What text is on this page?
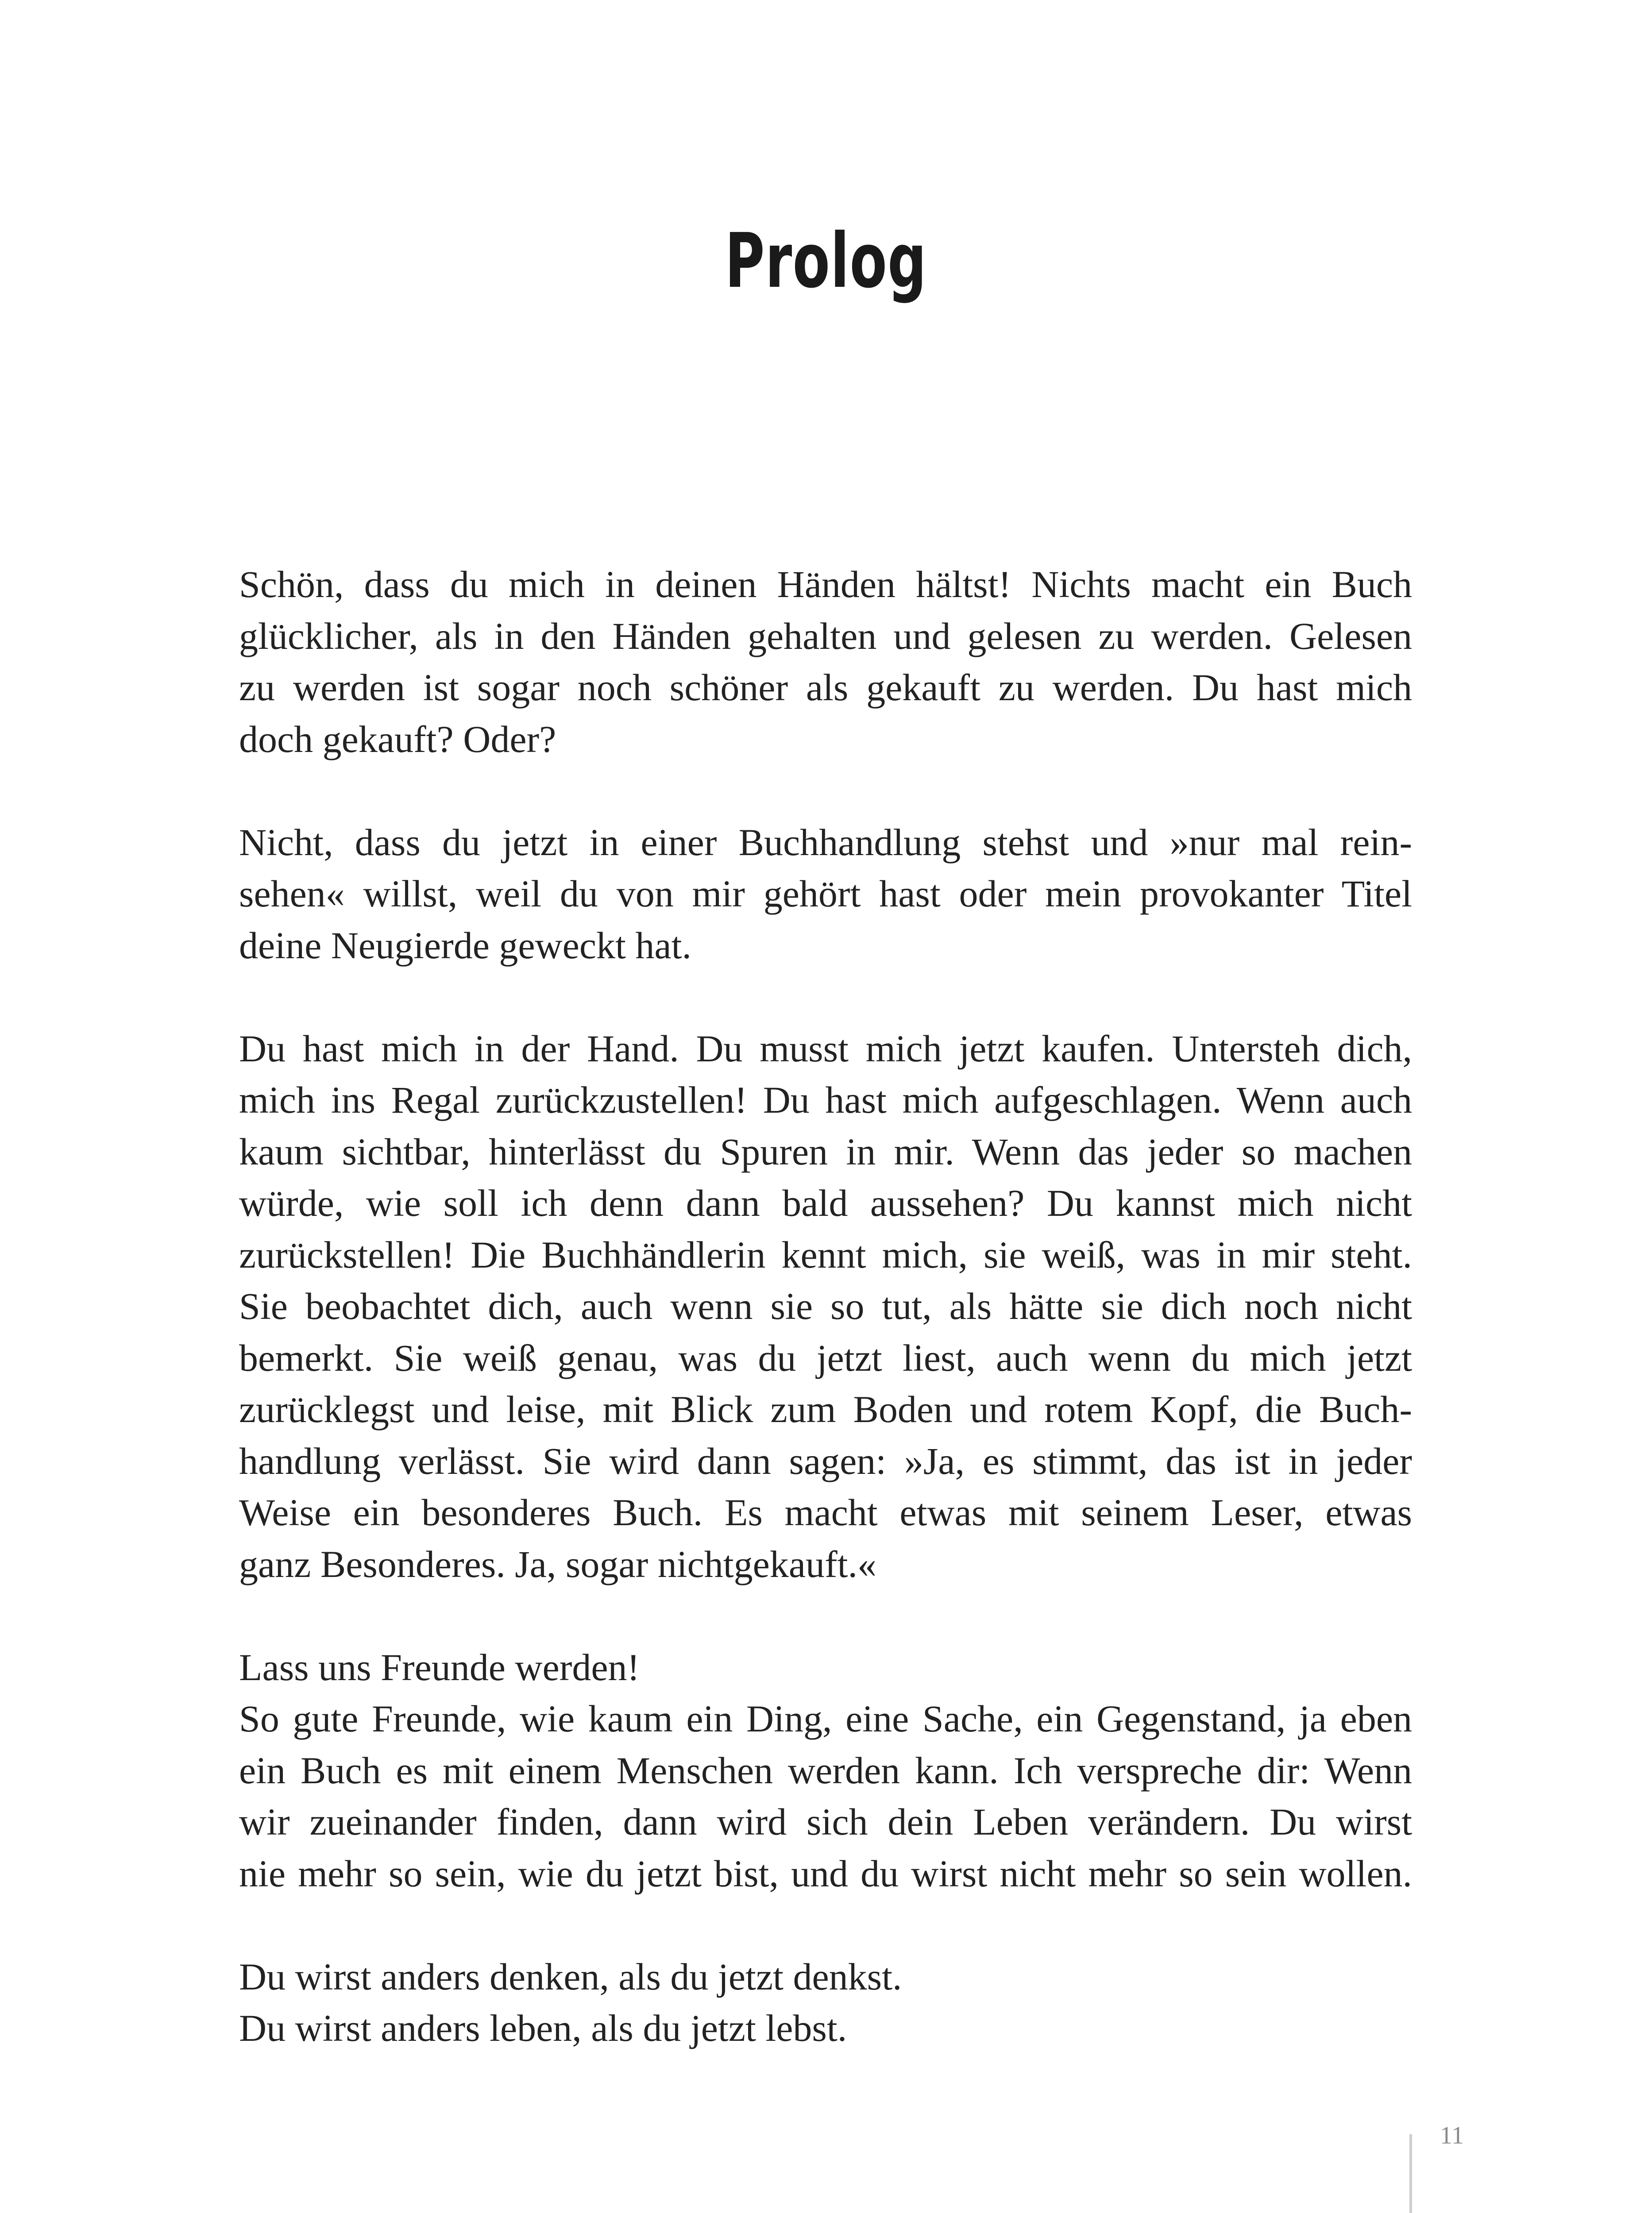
Prolog

Schön, dass du mich in deinen Händen hältst! Nichts macht ein Buch
glücklicher, als in den Händen gehalten und gelesen zu werden. Gelesen
zu werden ist sogar noch schöner als gekauft zu werden. Du hast mich
doch gekauft? Oder?

Nicht, dass du jetzt in einer Buchhandlung stehst und »nur mal rein-
sehen« willst, weil du von mir gehört hast oder mein provokanter Titel
deine Neugierde geweckt hat.

Du hast mich in der Hand. Du musst mich jetzt kaufen. Untersteh dich,
mich ins Regal zurückzustellen! Du hast mich aufgeschlagen. Wenn auch
kaum sichtbar, hinterlässt du Spuren in mir. Wenn das jeder so machen
würde, wie soll ich denn dann bald aussehen? Du kannst mich nicht
zurückstellen! Die Buchhändlerin kennt mich, sie weiß, was in mir steht.
Sie beobachtet dich, auch wenn sie so tut, als hätte sie dich noch nicht
bemerkt. Sie weiß genau, was du jetzt liest, auch wenn du mich jetzt
zurücklegst und leise, mit Blick zum Boden und rotem Kopf, die Buch-
handlung verlässt. Sie wird dann sagen: »Ja, es stimmt, das ist in jeder
Weise ein besonderes Buch. Es macht etwas mit seinem Leser, etwas
ganz Besonderes. Ja, sogar nichtgekauft.«

Lass uns Freunde werden!
So gute Freunde, wie kaum ein Ding, eine Sache, ein Gegenstand, ja eben
ein Buch es mit einem Menschen werden kann. Ich verspreche dir: Wenn
wir zueinander finden, dann wird sich dein Leben verändern. Du wirst
nie mehr so sein, wie du jetzt bist, und du wirst nicht mehr so sein wollen.

Du wirst anders denken, als du jetzt denkst.
Du wirst anders leben, als du jetzt lebst.

11
